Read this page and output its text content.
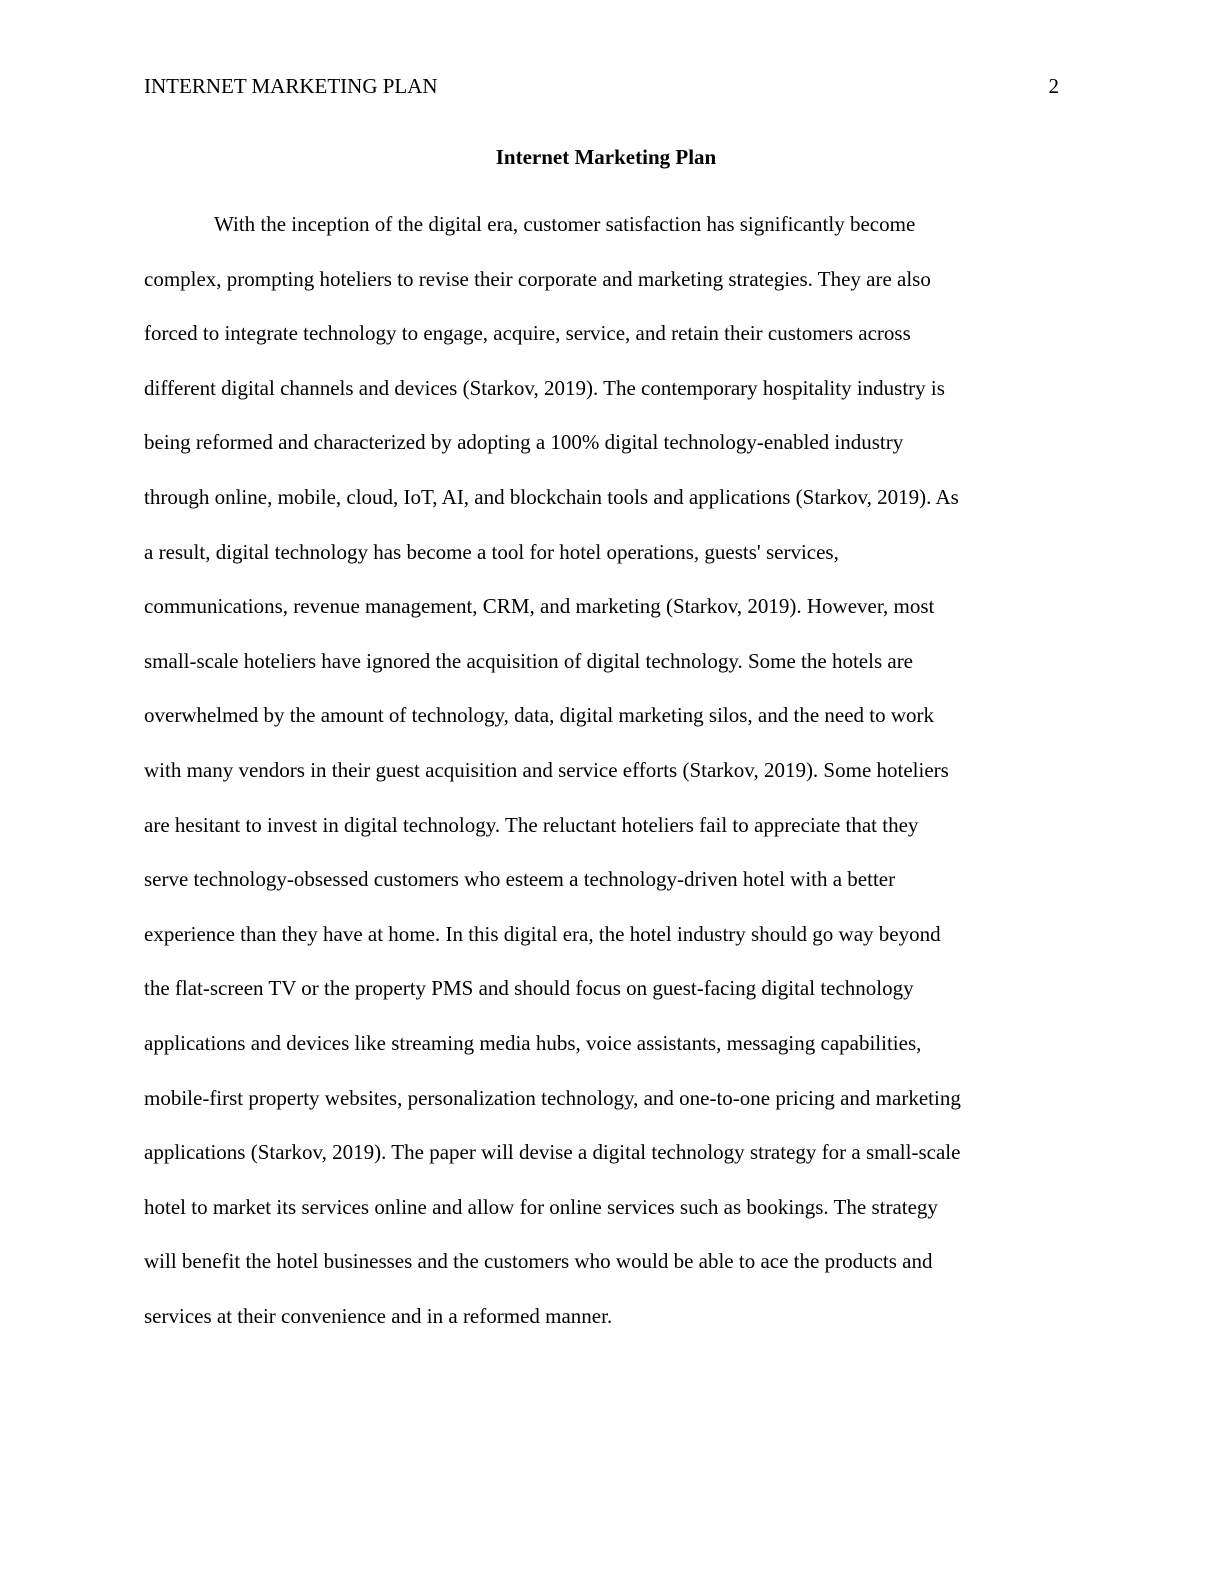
INTERNET MARKETING PLAN	2
Internet Marketing Plan
With the inception of the digital era, customer satisfaction has significantly become
complex, prompting hoteliers to revise their corporate and marketing strategies. They are also
forced to integrate technology to engage, acquire, service, and retain their customers across
different digital channels and devices (Starkov, 2019). The contemporary hospitality industry is
being reformed and characterized by adopting a 100% digital technology-enabled industry
through online, mobile, cloud, IoT, AI, and blockchain tools and applications (Starkov, 2019). As
a result, digital technology has become a tool for hotel operations, guests' services,
communications, revenue management, CRM, and marketing (Starkov, 2019). However, most
small-scale hoteliers have ignored the acquisition of digital technology. Some the hotels are
overwhelmed by the amount of technology, data, digital marketing silos, and the need to work
with many vendors in their guest acquisition and service efforts (Starkov, 2019). Some hoteliers
are hesitant to invest in digital technology. The reluctant hoteliers fail to appreciate that they
serve technology-obsessed customers who esteem a technology-driven hotel with a better
experience than they have at home. In this digital era, the hotel industry should go way beyond
the flat-screen TV or the property PMS and should focus on guest-facing digital technology
applications and devices like streaming media hubs, voice assistants, messaging capabilities,
mobile-first property websites, personalization technology, and one-to-one pricing and marketing
applications (Starkov, 2019). The paper will devise a digital technology strategy for a small-scale
hotel to market its services online and allow for online services such as bookings. The strategy
will benefit the hotel businesses and the customers who would be able to ace the products and
services at their convenience and in a reformed manner.
